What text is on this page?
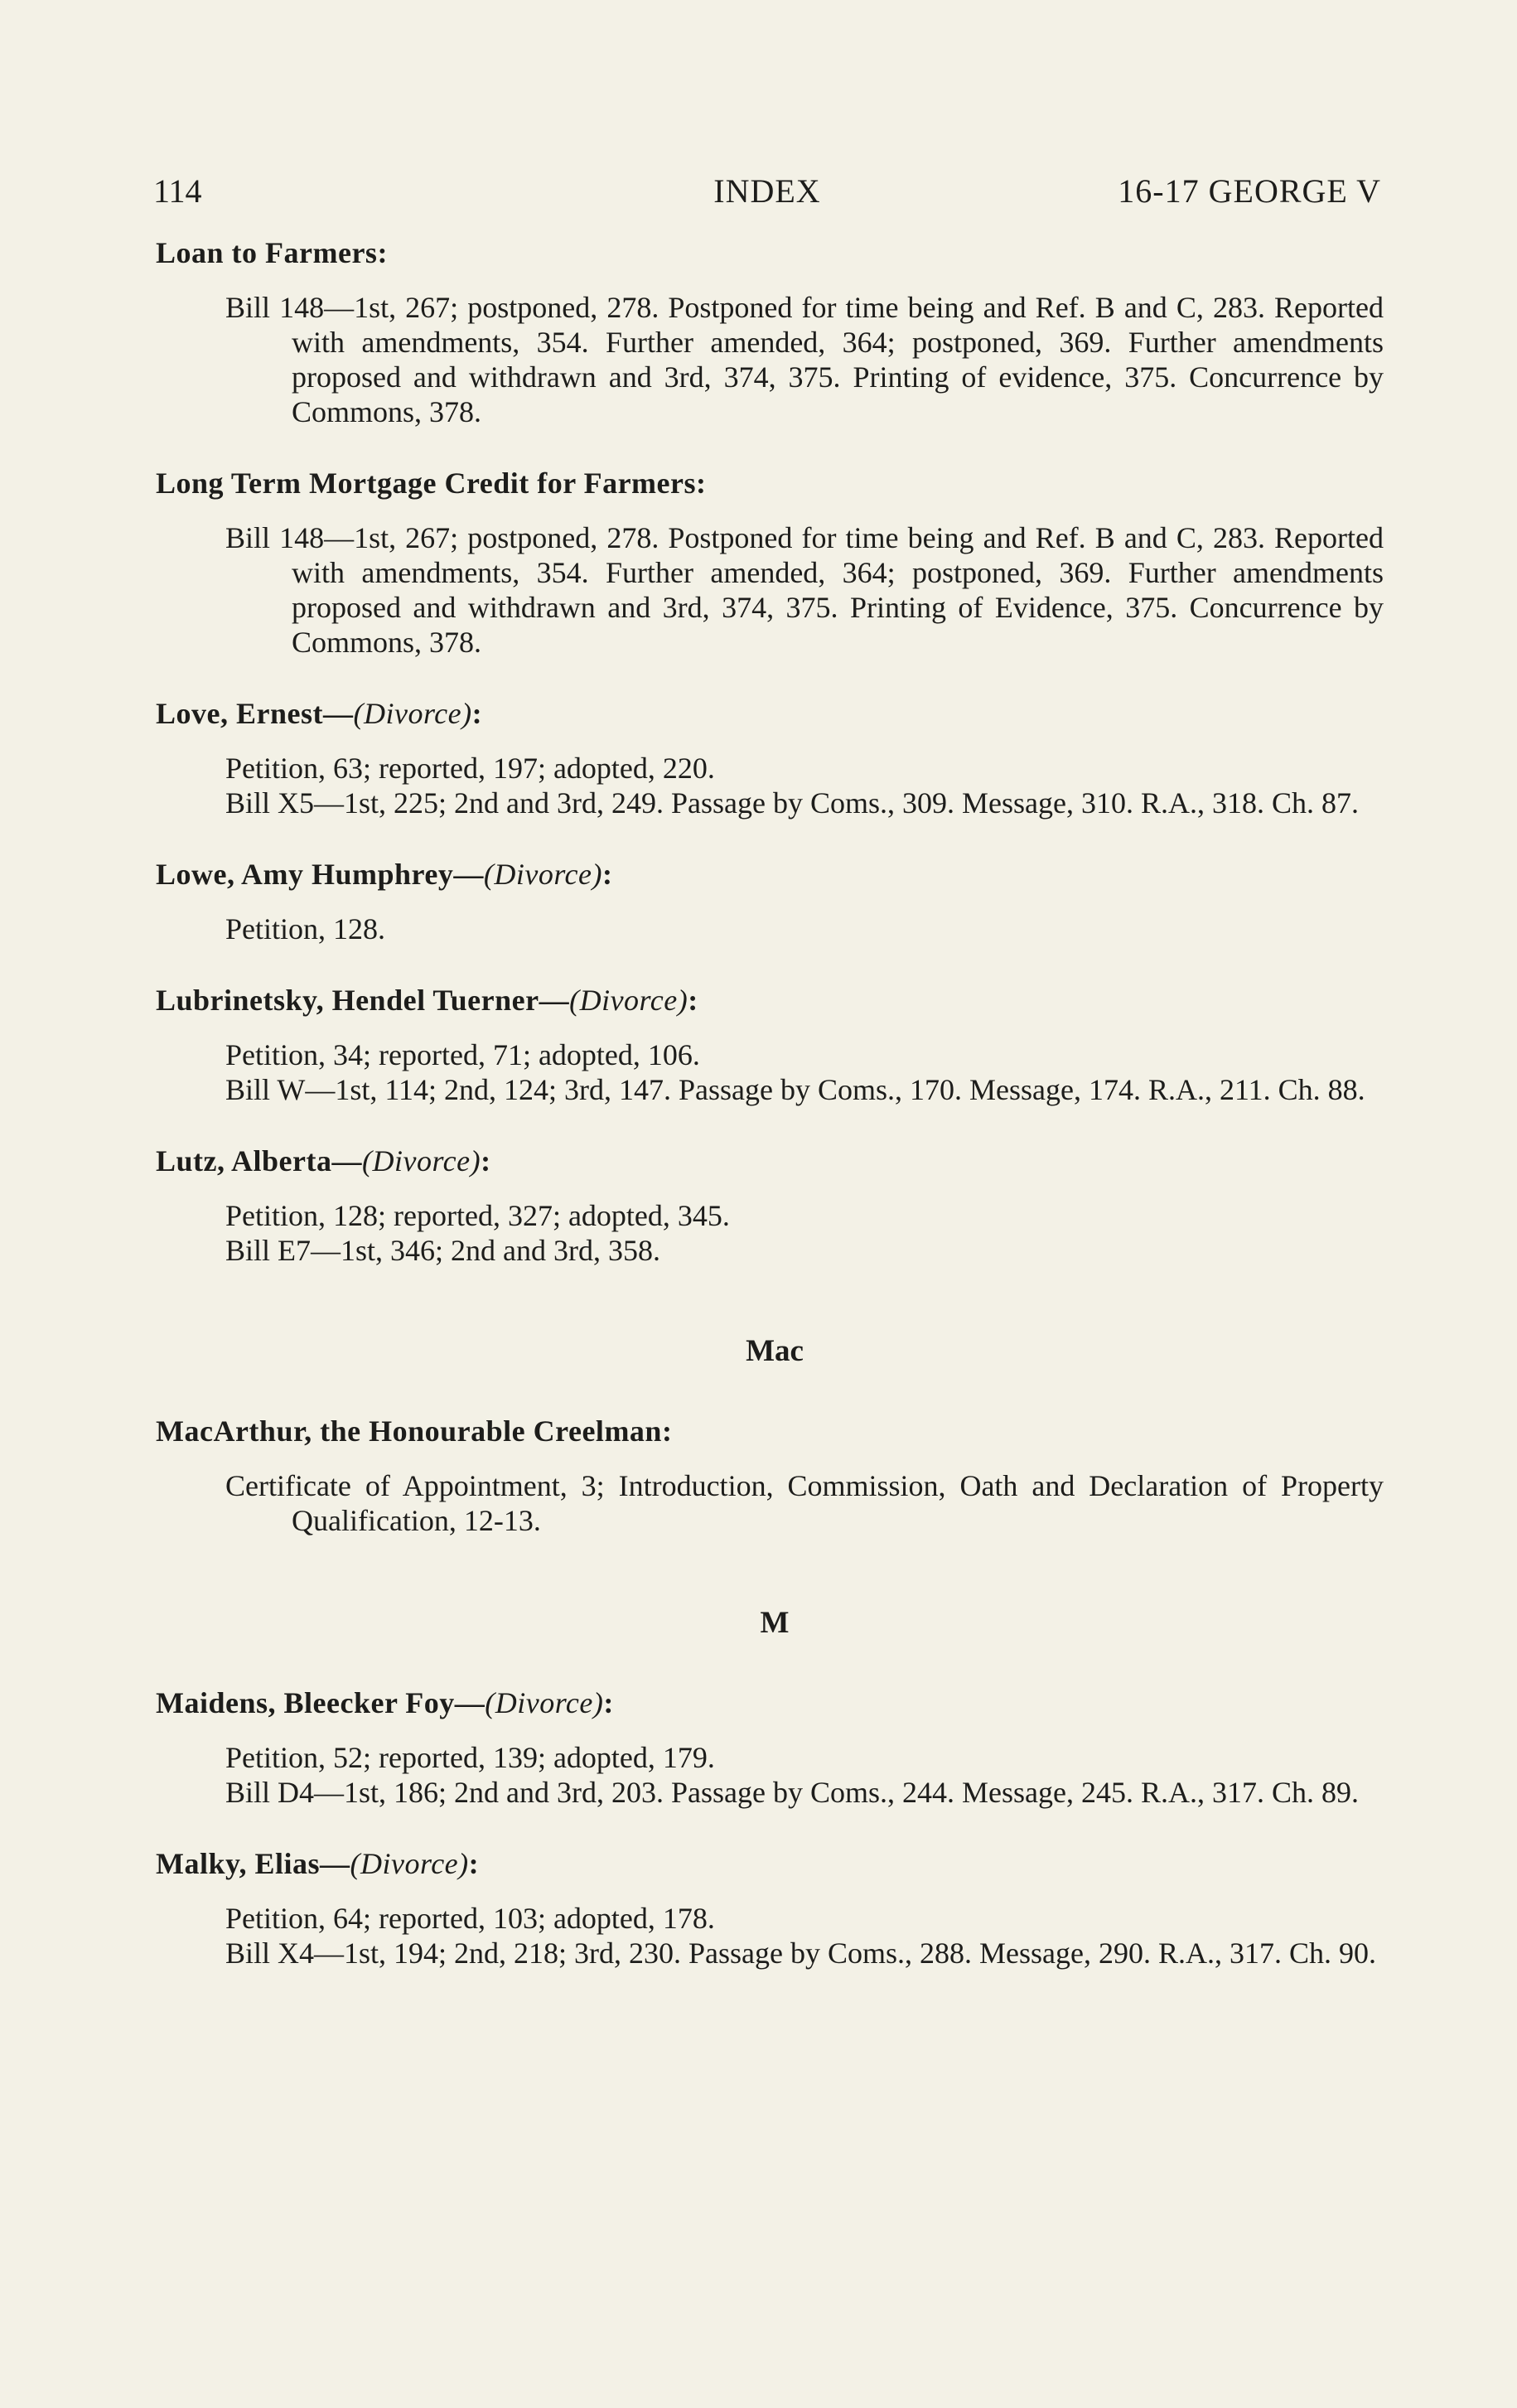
114	INDEX	16-17 GEORGE V
Loan to Farmers:
Bill 148—1st, 267; postponed, 278. Postponed for time being and Ref. B and C, 283. Reported with amendments, 354. Further amended, 364; postponed, 369. Further amendments proposed and withdrawn and 3rd, 374, 375. Printing of evidence, 375. Concurrence by Commons, 378.
Long Term Mortgage Credit for Farmers:
Bill 148—1st, 267; postponed, 278. Postponed for time being and Ref. B and C, 283. Reported with amendments, 354. Further amended, 364; postponed, 369. Further amendments proposed and withdrawn and 3rd, 374, 375. Printing of Evidence, 375. Concurrence by Commons, 378.
Love, Ernest—(Divorce):
Petition, 63; reported, 197; adopted, 220.
Bill X5—1st, 225; 2nd and 3rd, 249. Passage by Coms., 309. Message, 310. R.A., 318. Ch. 87.
Lowe, Amy Humphrey—(Divorce):
Petition, 128.
Lubrinetsky, Hendel Tuerner—(Divorce):
Petition, 34; reported, 71; adopted, 106.
Bill W—1st, 114; 2nd, 124; 3rd, 147. Passage by Coms., 170. Message, 174. R.A., 211. Ch. 88.
Lutz, Alberta—(Divorce):
Petition, 128; reported, 327; adopted, 345.
Bill E7—1st, 346; 2nd and 3rd, 358.
Mac
MacArthur, the Honourable Creelman:
Certificate of Appointment, 3; Introduction, Commission, Oath and Declaration of Property Qualification, 12-13.
M
Maidens, Bleecker Foy—(Divorce):
Petition, 52; reported, 139; adopted, 179.
Bill D4—1st, 186; 2nd and 3rd, 203. Passage by Coms., 244. Message, 245. R.A., 317. Ch. 89.
Malky, Elias—(Divorce):
Petition, 64; reported, 103; adopted, 178.
Bill X4—1st, 194; 2nd, 218; 3rd, 230. Passage by Coms., 288. Message, 290. R.A., 317. Ch. 90.
